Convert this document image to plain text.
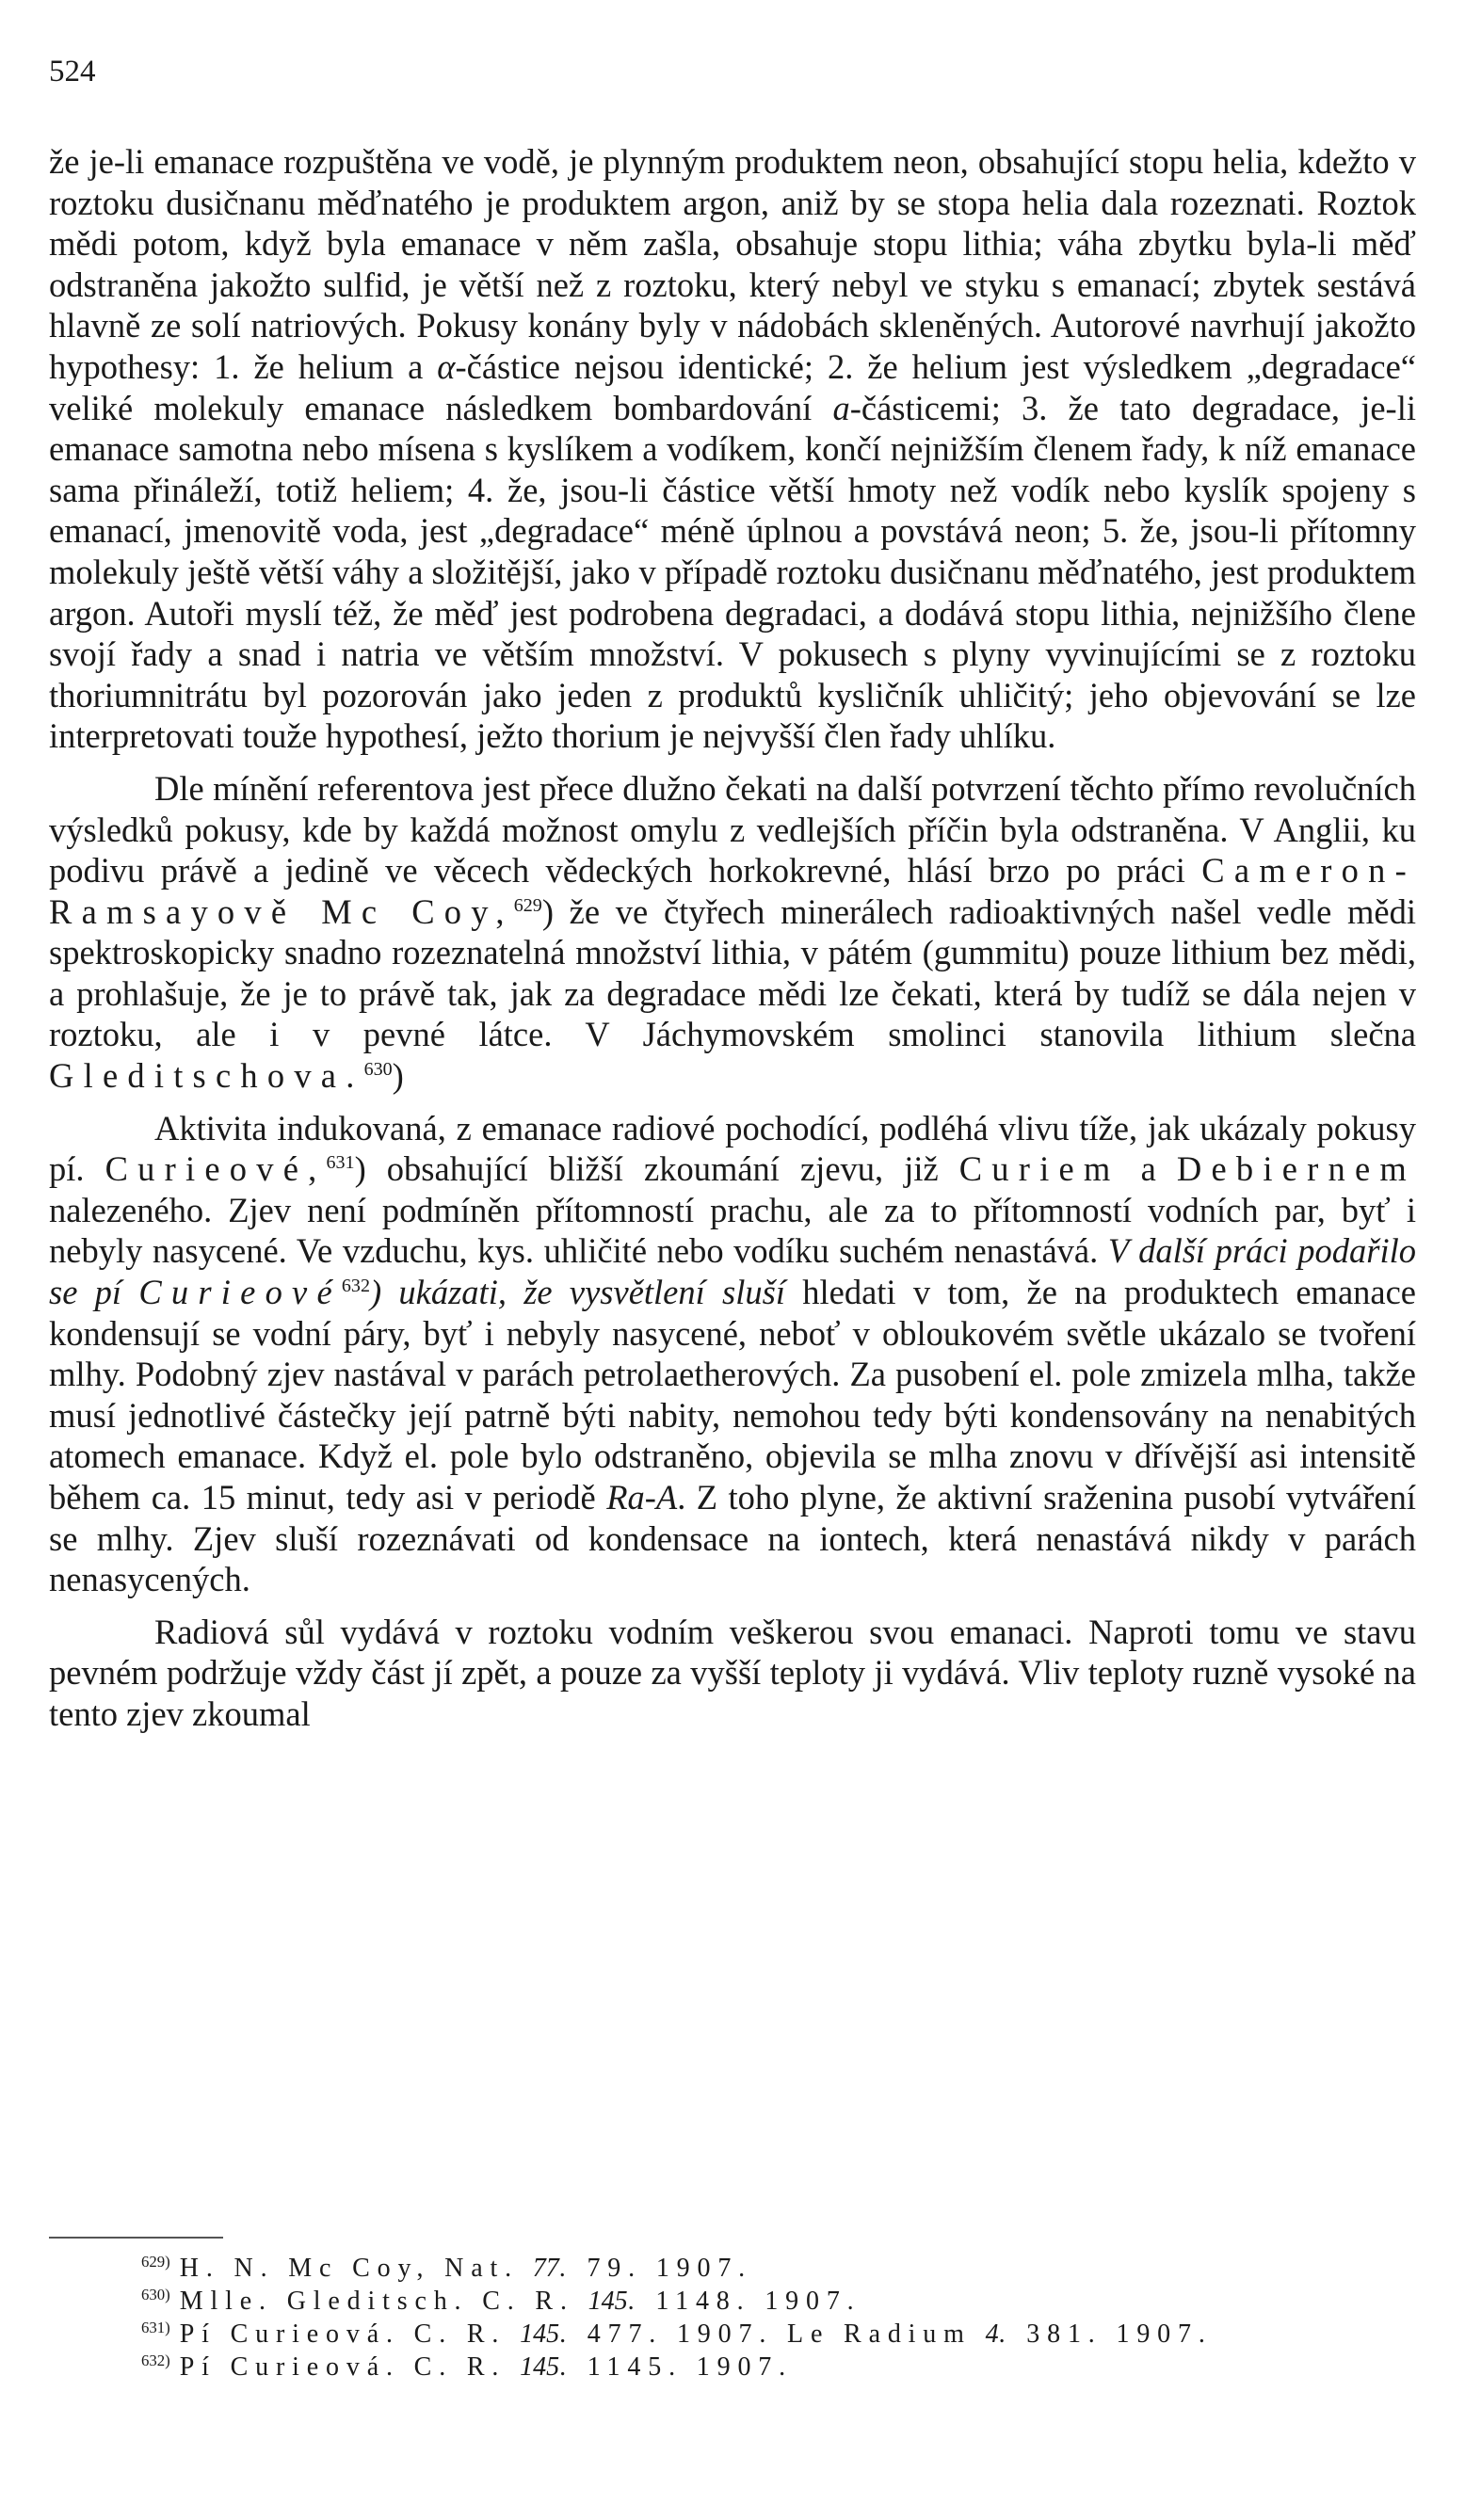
524

že je-li emanace rozpuštěna ve vodě, je plynným produktem neon, obsahující stopu helia, kdežto v roztoku dusičnanu měďnatého je produktem argon, aniž by se stopa helia dala rozeznati. Roztok mědi potom, když byla emanace v něm zašla, obsahuje stopu lithia; váha zbytku byla-li měď odstraněna jakožto sulfid, je větší než z roztoku, který nebyl ve styku s emanací; zbytek sestává hlavně ze solí natriových. Pokusy konány byly v nádobách skleněných. Autorové navrhují jakožto hypothesy: 1. že helium a α-částice nejsou identické; 2. že helium jest výsledkem „degradace“ veliké molekuly emanace následkem bombardování a-částicemi; 3. že tato degradace, je-li emanace samotna nebo mísena s kyslíkem a vodíkem, končí nejnižším členem řady, k níž emanace sama přináleží, totiž heliem; 4. že, jsou-li částice větší hmoty než vodík nebo kyslík spojeny s emanací, jmenovitě voda, jest „degradace“ méně úplnou a povstává neon; 5. že, jsou-li přítomny molekuly ještě větší váhy a složitější, jako v případě roztoku dusičnanu měďnatého, jest produktem argon. Autoři myslí též, že měď jest podrobena degradaci, a dodává stopu lithia, nejnižšího člene svojí řady a snad i natria ve větším množství. V pokusech s plyny vyvinujícími se z roztoku thoriumnitrátu byl pozorován jako jeden z produktů kysličník uhličitý; jeho objevování se lze interpretovati touže hypothesí, ježto thorium je nejvyšší člen řady uhlíku.

Dle mínění referentova jest přece dlužno čekati na další potvrzení těchto přímo revolučních výsledků pokusy, kde by každá možnost omylu z vedlejších příčin byla odstraněna. V Anglii, ku podivu právě a jedině ve věcech vědeckých horkokrevné, hlásí brzo po práci Cameron-Ramsayově Mc Coy,$^{629}$) že ve čtyřech minerálech radioaktivných našel vedle mědi spektroskopicky snadno rozeznatelná množství lithia, v pátém (gummitu) pouze lithium bez mědi, a prohlašuje, že je to právě tak, jak za degradace mědi lze čekati, která by tudíž se dála nejen v roztoku, ale i v pevné látce. V Jáchymovském smolinci stanovila lithium slečna Gleditschova.$^{630}$)

Aktivita indukovaná, z emanace radiové pochodící, podléhá vlivu tíže, jak ukázaly pokusy pí. Curieové,$^{631}$) obsahující bližší zkoumání zjevu, již Curiem a Debiernem nalezeného. Zjev není podmíněn přítomností prachu, ale za to přítomností vodních par, byť i nebyly nasycené. Ve vzduchu, kys. uhličité nebo vodíku suchém nenastává. V další práci podařilo se pí Curieové$^{632}$) ukázati, že vysvětlení sluší hledati v tom, že na produktech emanace kondensují se vodní páry, byť i nebyly nasycené, neboť v obloukovém světle ukázalo se tvoření mlhy. Podobný zjev nastával v parách petrolaetherových. Za pusobení el. pole zmizela mlha, takže musí jednotlivé částečky její patrně býti nabity, nemohou tedy býti kondensovány na nenabitých atomech emanace. Když el. pole bylo odstraněno, objevila se mlha znovu v dřívější asi intensitě během ca. 15 minut, tedy asi v periodě Ra-A. Z toho plyne, že aktivní sraženina pusobí vytváření se mlhy. Zjev sluší rozeznávati od kondensace na iontech, která nenastává nikdy v parách nenasycených.

Radiová sůl vydává v roztoku vodním veškerou svou emanaci. Naproti tomu ve stavu pevném podržuje vždy část jí zpět, a pouze za vyšší teploty ji vydává. Vliv teploty ruzně vysoké na tento zjev zkoumal

$^{629)}$ H. N. Mc Coy, Nat. 77. 79. 1907.
$^{630)}$ Mlle. Gleditsch. C. R. 145. 1148. 1907.
$^{631)}$ Pí Curieová. C. R. 145. 477. 1907. Le Radium 4. 381. 1907.
$^{632)}$ Pí Curieová. C. R. 145. 1145. 1907.
